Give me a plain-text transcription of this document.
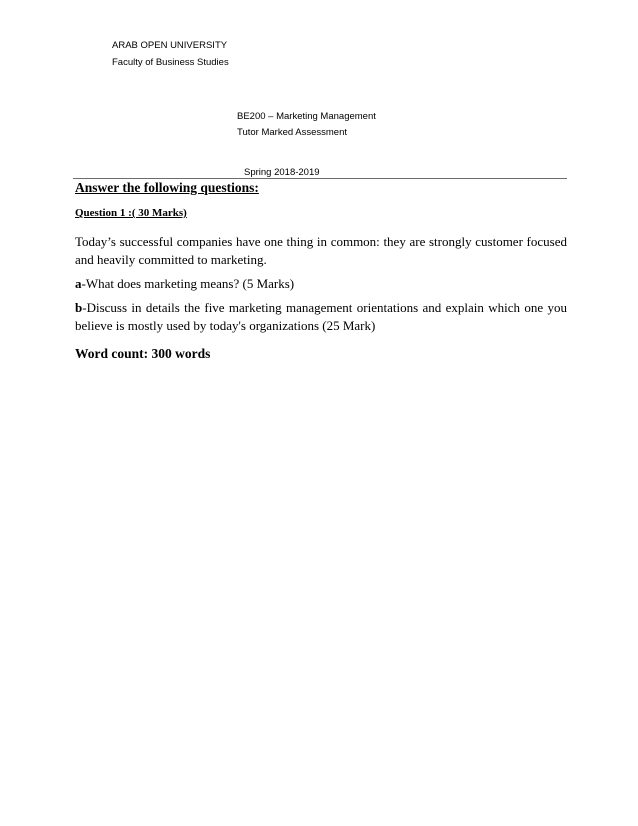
ARAB OPEN UNIVERSITY
Faculty of Business Studies
BE200 – Marketing Management
Tutor Marked Assessment
Spring 2018-2019
Answer the following questions:
Question 1 :( 30 Marks)
Today’s successful companies have one thing in common: they are strongly customer focused and heavily committed to marketing.
a-What does marketing means? (5 Marks)
b-Discuss in details the five marketing management orientations and explain which one you believe is mostly used by today's organizations (25 Mark)
Word count: 300 words
